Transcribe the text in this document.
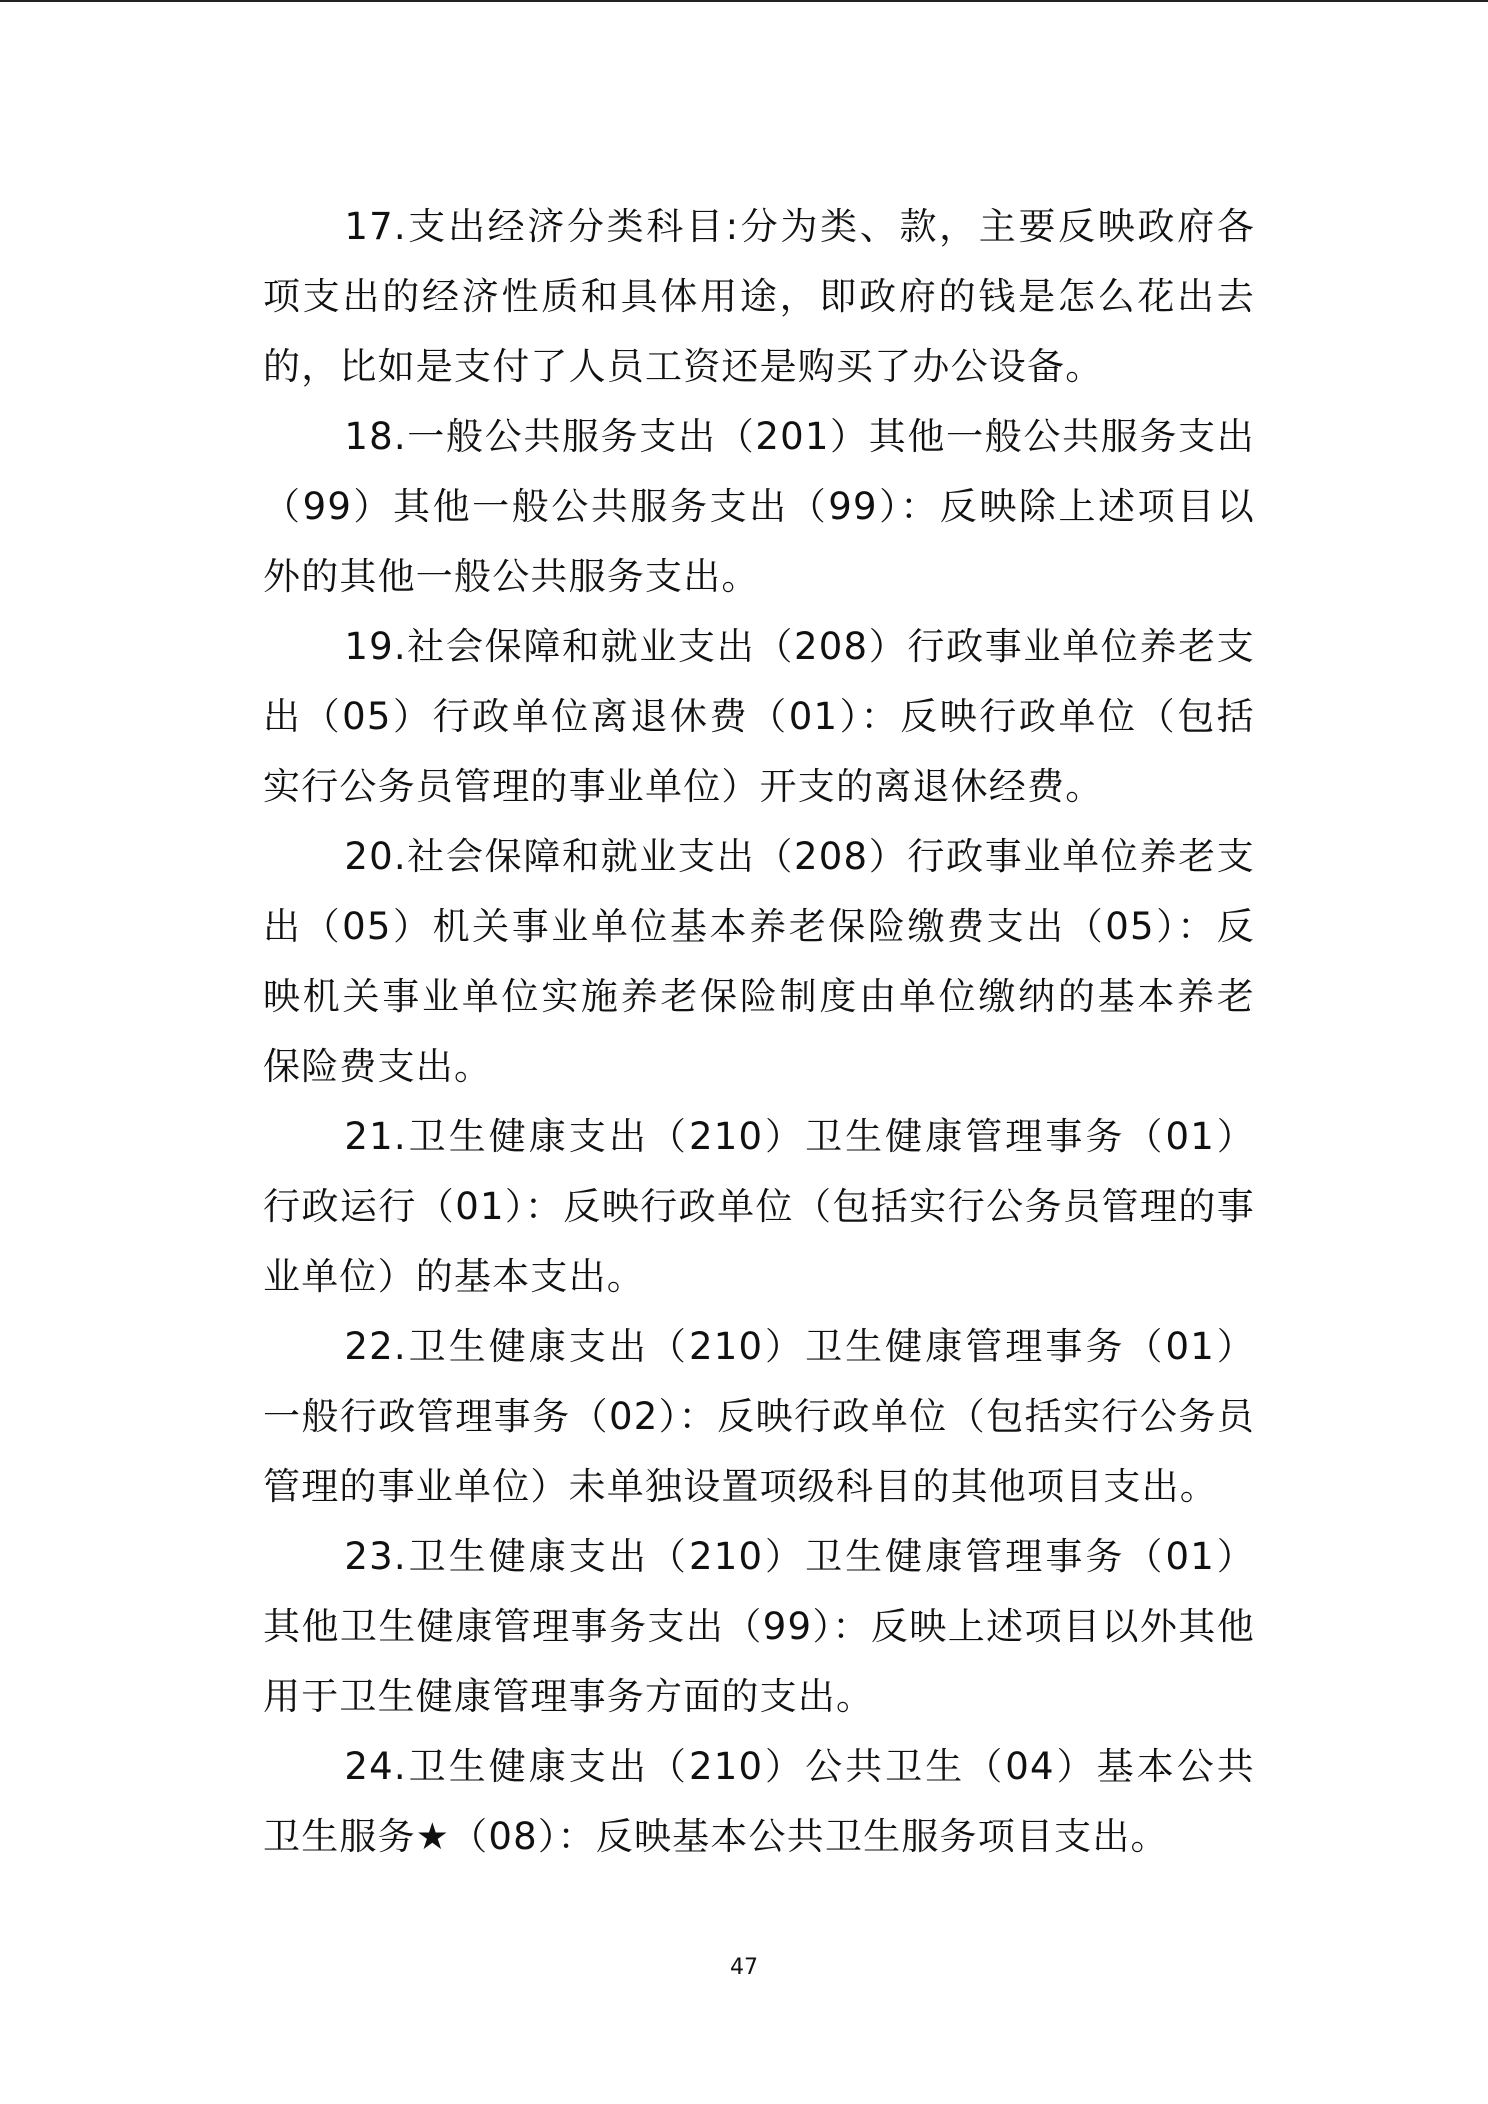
17.支出经济分类科目:分为类、款，主要反映政府各项支出的经济性质和具体用途，即政府的钱是怎么花出去的，比如是支付了人员工资还是购买了办公设备。

18.一般公共服务支出（201）其他一般公共服务支出（99）其他一般公共服务支出（99）：反映除上述项目以外的其他一般公共服务支出。

19.社会保障和就业支出（208）行政事业单位养老支出（05）行政单位离退休费（01）：反映行政单位（包括实行公务员管理的事业单位）开支的离退休经费。

20.社会保障和就业支出（208）行政事业单位养老支出（05）机关事业单位基本养老保险缴费支出（05）：反映机关事业单位实施养老保险制度由单位缴纳的基本养老保险费支出。

21.卫生健康支出（210）卫生健康管理事务（01）行政运行（01）：反映行政单位（包括实行公务员管理的事业单位）的基本支出。

22.卫生健康支出（210）卫生健康管理事务（01）一般行政管理事务（02）：反映行政单位（包括实行公务员管理的事业单位）未单独设置项级科目的其他项目支出。

23.卫生健康支出（210）卫生健康管理事务（01）其他卫生健康管理事务支出（99）：反映上述项目以外其他用于卫生健康管理事务方面的支出。

24.卫生健康支出（210）公共卫生（04）基本公共卫生服务★（08）：反映基本公共卫生服务项目支出。

47
